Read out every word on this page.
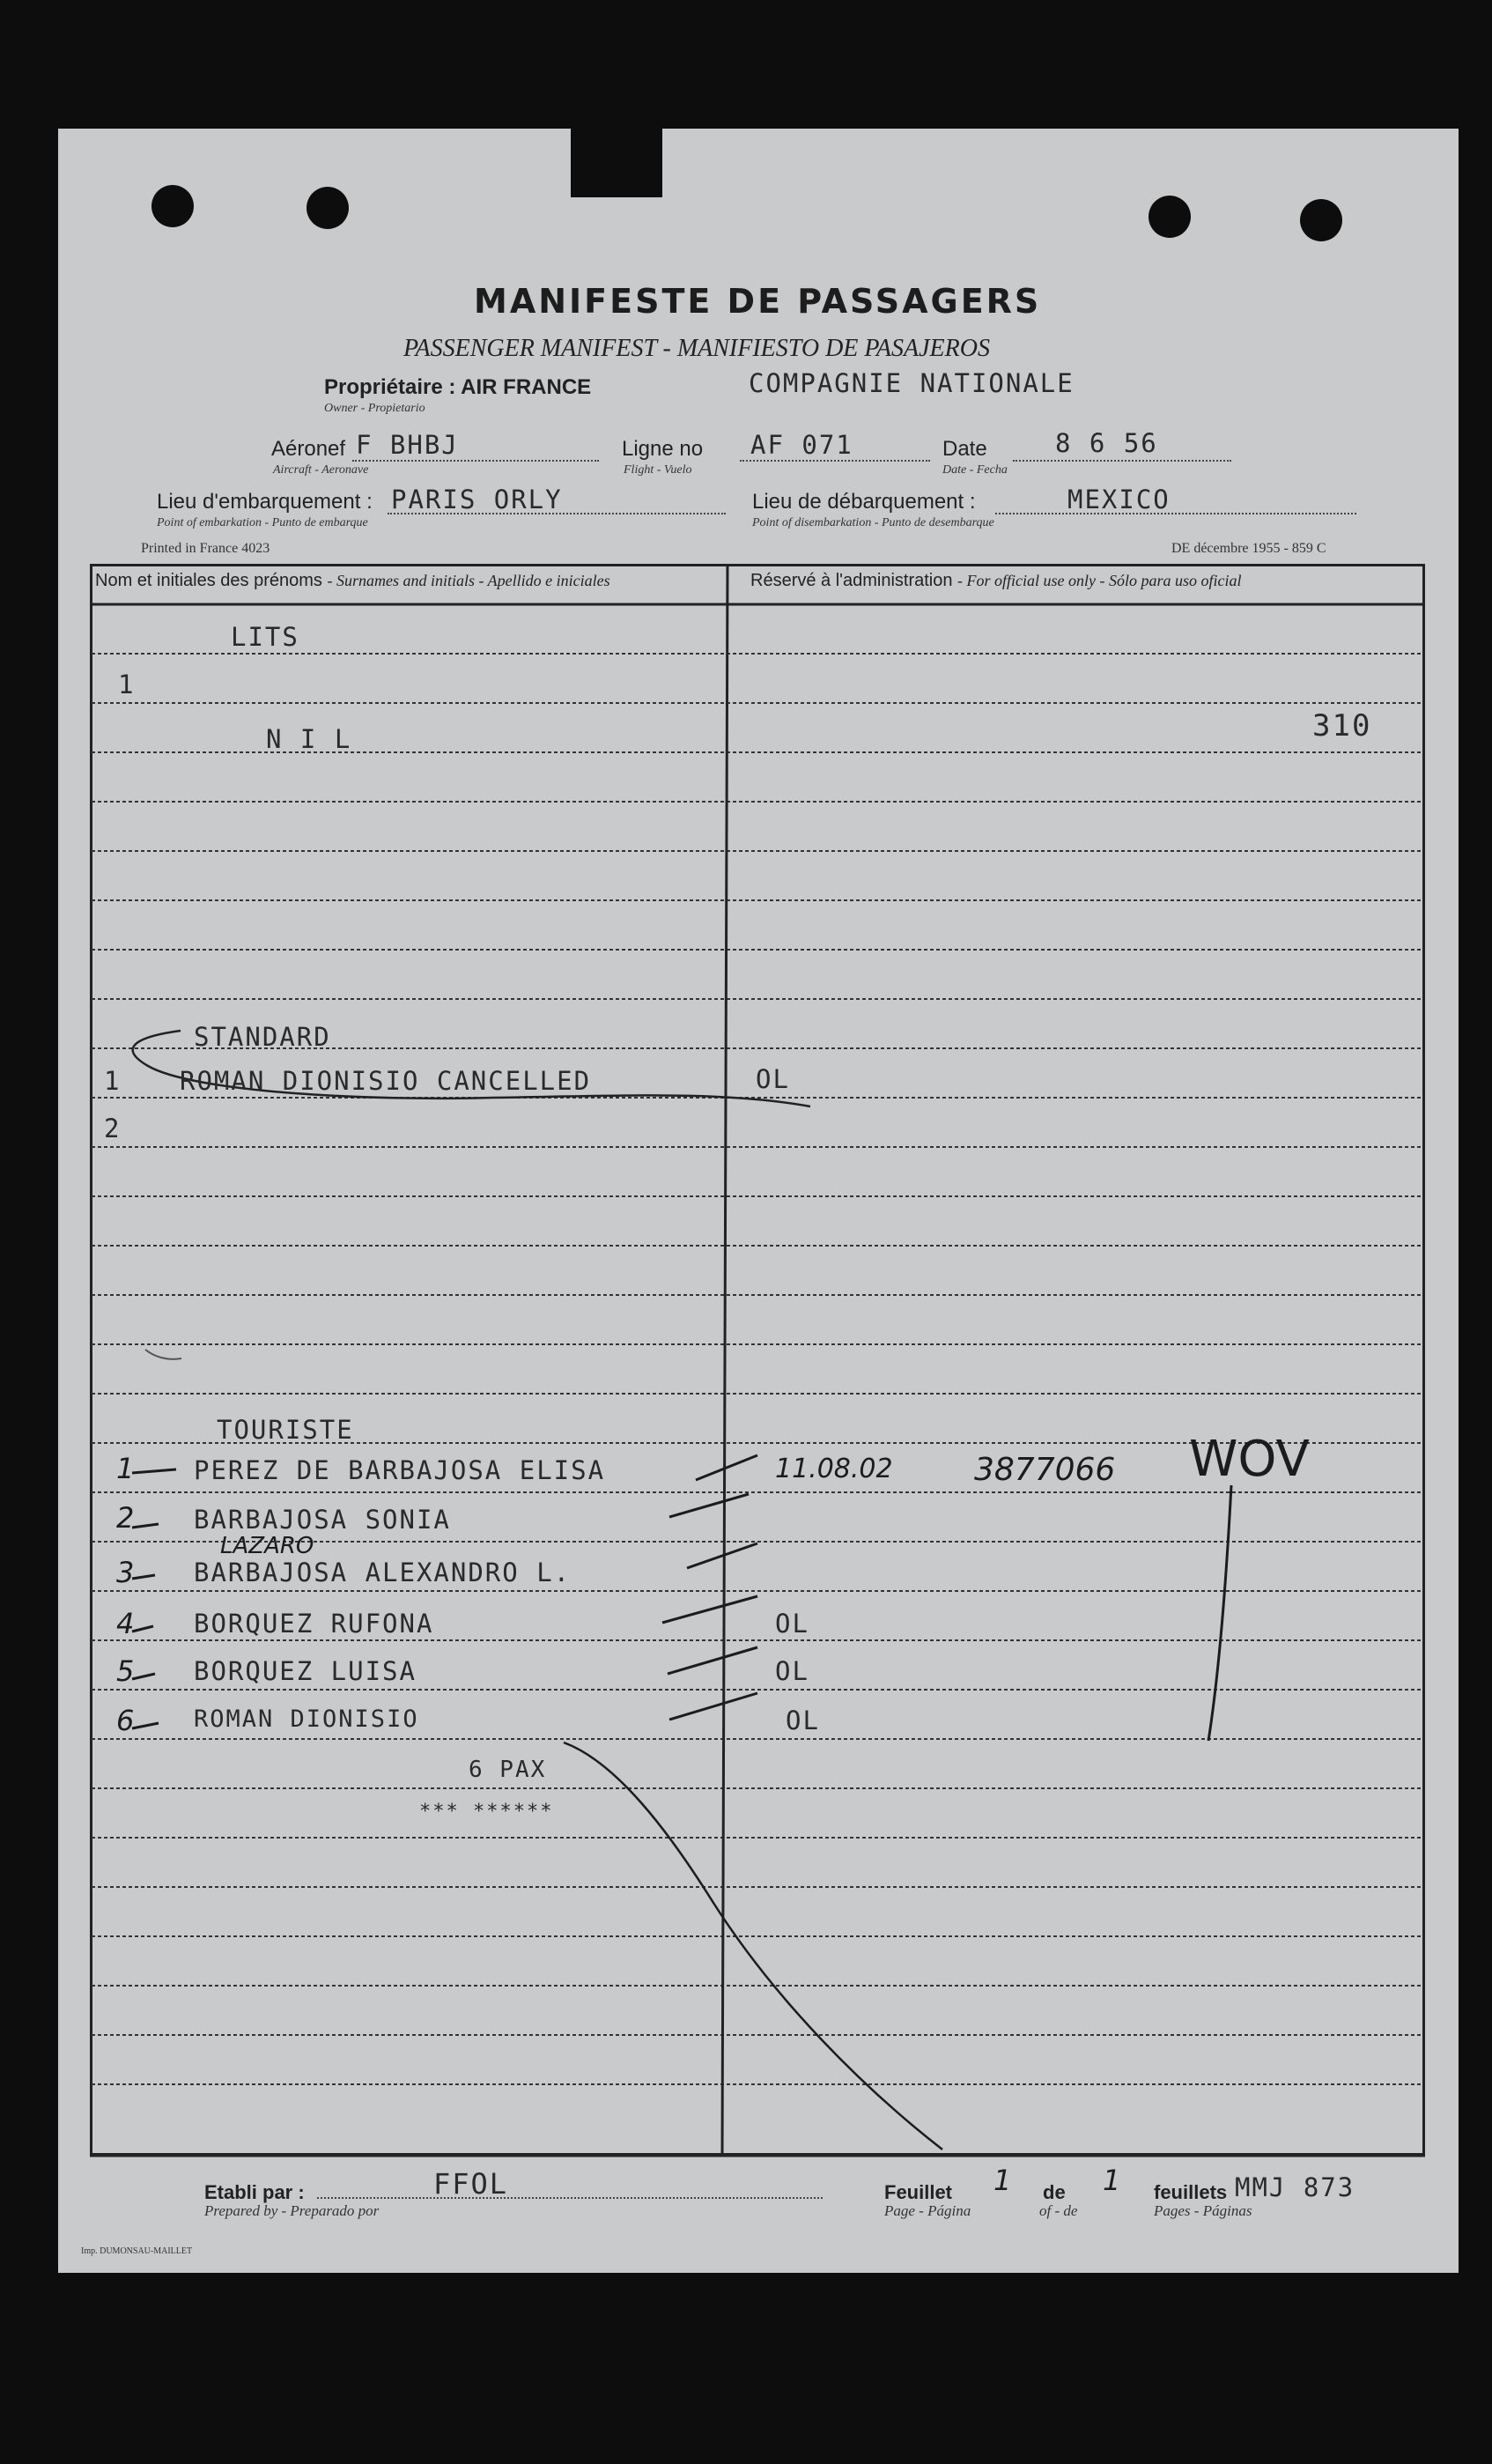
MANIFESTE DE PASSAGERS
PASSENGER MANIFEST - MANIFIESTO DE PASAJEROS
Propriétaire : AIR FRANCE
Owner - Propietario
COMPAGNIE NATIONALE
Aéronef
Aircraft - Aeronave
F BHBJ	Ligne no
Flight - Vuelo
AF 071	Date
Date - Fecha
8 6 56
Lieu d'embarquement :
Point of embarkation - Punto de embarque
PARIS ORLY	Lieu de débarquement :
Point of disembarkation - Punto de desembarque
MEXICO
Printed in France 4023	DE décembre 1955 - 859 C
Nom et initiales des prénoms - Surnames and initials - Apellido e iniciales	Réservé à l'administration - For official use only - Sólo para uso oficial
LITS
1
N I L	310
STANDARD
1 ROMAN DIONISIO CANCELLED	OL
2
TOURISTE
1 PEREZ DE BARBAJOSA ELISA	11.08.02	3877066 WOV
2 BARBAJOSA SONIA
LAZARO
3 BARBAJOSA ALEXANDRO L.
4 BORQUEZ RUFONA	OL
5 BORQUEZ LUISA	OL
6	ROMAN DIONISIO	OL
6 PAX
*** ******
Etabli par :
Prepared by - Preparado por
FFOL	Feuillet
Page - Página
1 de
of - de
1 feuillets
Pages - Páginas
MMJ 873
Imp. DUMONSAU-MAILLET
